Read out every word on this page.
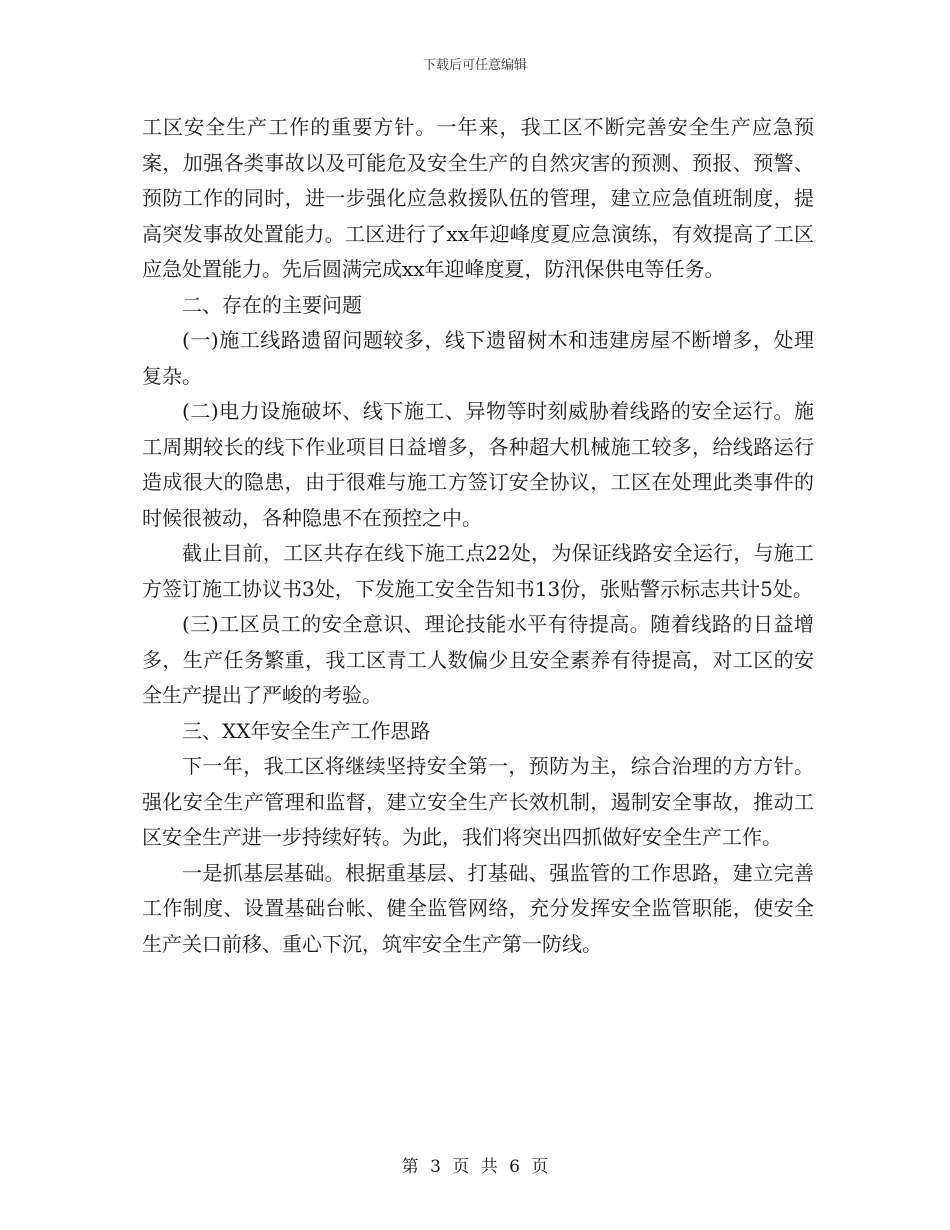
下载后可任意编辑

工区安全生产工作的重要方针。一年来，我工区不断完善安全生产应急预案，加强各类事故以及可能危及安全生产的自然灾害的预测、预报、预警、预防工作的同时，进一步强化应急救援队伍的管理，建立应急值班制度，提高突发事故处置能力。工区进行了xx年迎峰度夏应急演练，有效提高了工区应急处置能力。先后圆满完成xx年迎峰度夏，防汛保供电等任务。

二、存在的主要问题

(一)施工线路遗留问题较多，线下遗留树木和违建房屋不断增多，处理复杂。

(二)电力设施破坏、线下施工、异物等时刻威胁着线路的安全运行。施工周期较长的线下作业项目日益增多，各种超大机械施工较多，给线路运行造成很大的隐患，由于很难与施工方签订安全协议，工区在处理此类事件的时候很被动，各种隐患不在预控之中。

截止目前，工区共存在线下施工点22处，为保证线路安全运行，与施工方签订施工协议书3处，下发施工安全告知书13份，张贴警示标志共计5处。

(三)工区员工的安全意识、理论技能水平有待提高。随着线路的日益增多，生产任务繁重，我工区青工人数偏少且安全素养有待提高，对工区的安全生产提出了严峻的考验。

三、XX年安全生产工作思路

下一年，我工区将继续坚持安全第一，预防为主，综合治理的方方针。强化安全生产管理和监督，建立安全生产长效机制，遏制安全事故，推动工区安全生产进一步持续好转。为此，我们将突出四抓做好安全生产工作。

一是抓基层基础。根据重基层、打基础、强监管的工作思路，建立完善工作制度、设置基础台帐、健全监管网络，充分发挥安全监管职能，使安全生产关口前移、重心下沉，筑牢安全生产第一防线。

第 3 页 共 6 页
